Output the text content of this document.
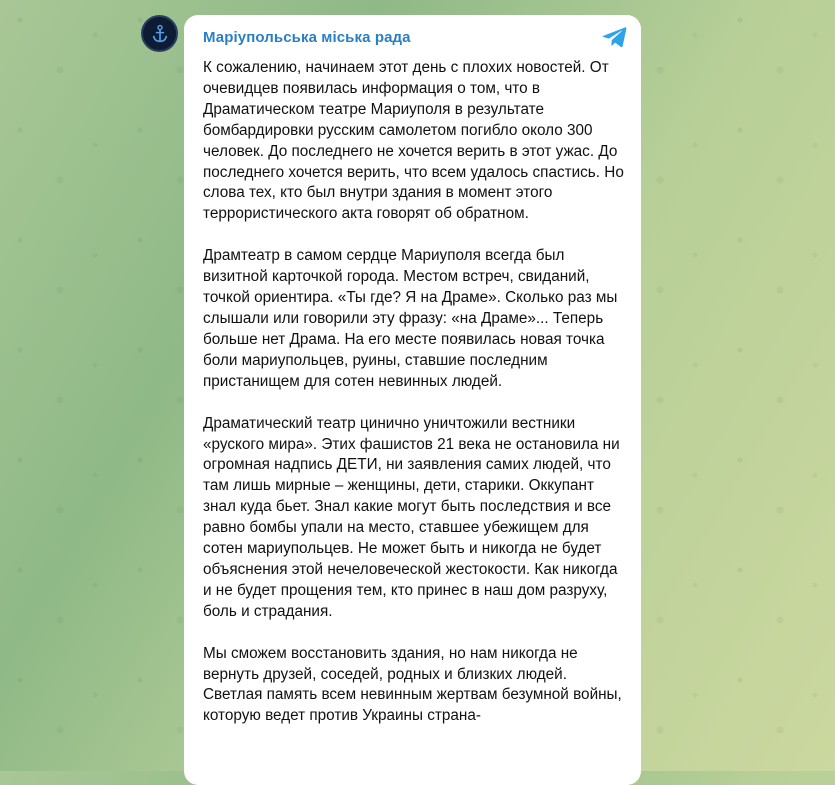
Маріупольська міська рада

К сожалению, начинаем этот день с плохих новостей. От очевидцев появилась информация о том, что в Драматическом театре Мариуполя в результате бомбардировки русским самолетом погибло около 300 человек. До последнего не хочется верить в этот ужас. До последнего хочется верить, что всем удалось спастись. Но слова тех, кто был внутри здания в момент этого террористического акта говорят об обратном.

Драмтеатр в самом сердце Мариуполя всегда был визитной карточкой города. Местом встреч, свиданий, точкой ориентира. «Ты где? Я на Драме». Сколько раз мы слышали или говорили эту фразу: «на Драме»... Теперь больше нет Драма. На его месте появилась новая точка боли мариупольцев, руины, ставшие последним пристанищем для сотен невинных людей.

Драматический театр цинично уничтожили вестники «руского мира». Этих фашистов 21 века не остановила ни огромная надпись ДЕТИ, ни заявления самих людей, что там лишь мирные – женщины, дети, старики. Оккупант знал куда бьет. Знал какие могут быть последствия и все равно бомбы упали на место, ставшее убежищем для сотен мариупольцев. Не может быть и никогда не будет объяснения этой нечеловеческой жестокости. Как никогда и не будет прощения тем, кто принес в наш дом разруху, боль и страдания.

Мы сможем восстановить здания, но нам никогда не вернуть друзей, соседей, родных и близких людей. Светлая память всем невинным жертвам безумной войны, которую ведет против Украины страна-
